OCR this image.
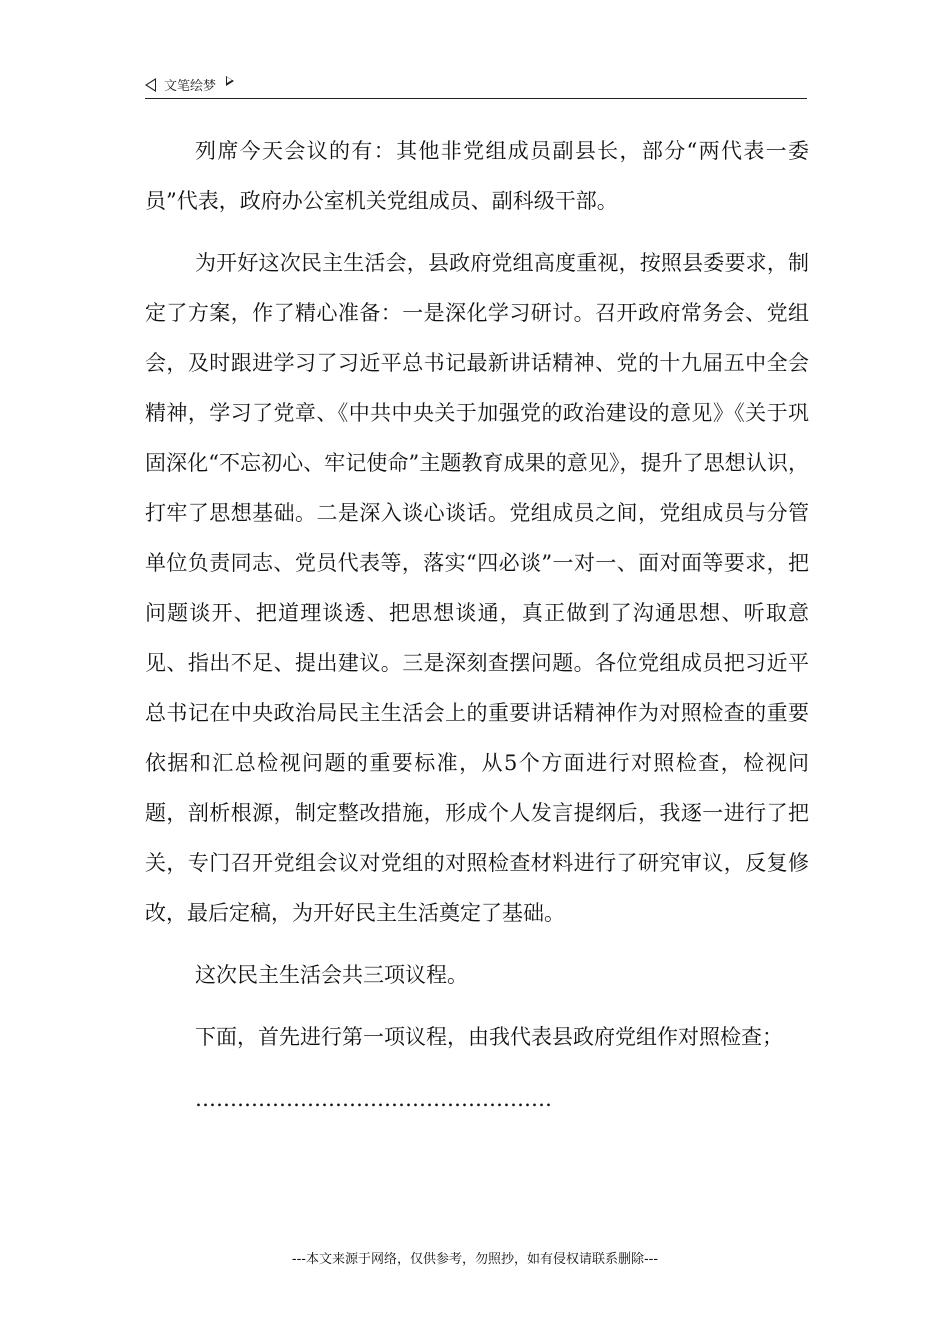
文笔绘梦

列席今天会议的有：其他非党组成员副县长，部分“两代表一委员”代表，政府办公室机关党组成员、副科级干部。

为开好这次民主生活会，县政府党组高度重视，按照县委要求，制定了方案，作了精心准备：一是深化学习研讨。召开政府常务会、党组会，及时跟进学习了习近平总书记最新讲话精神、党的十九届五中全会精神，学习了党章、《中共中央关于加强党的政治建设的意见》《关于巩固深化“不忘初心、牢记使命”主题教育成果的意见》，提升了思想认识，打牢了思想基础。二是深入谈心谈话。党组成员之间，党组成员与分管单位负责同志、党员代表等，落实“四必谈”一对一、面对面等要求，把问题谈开、把道理谈透、把思想谈通，真正做到了沟通思想、听取意见、指出不足、提出建议。三是深刻查摆问题。各位党组成员把习近平总书记在中央政治局民主生活会上的重要讲话精神作为对照检查的重要依据和汇总检视问题的重要标准，从5个方面进行对照检查，检视问题，剖析根源，制定整改措施，形成个人发言提纲后，我逐一进行了把关，专门召开党组会议对党组的对照检查材料进行了研究审议，反复修改，最后定稿，为开好民主生活奠定了基础。

这次民主生活会共三项议程。

下面，首先进行第一项议程，由我代表县政府党组作对照检查；

……………………………………………

---本文来源于网络，仅供参考，勿照抄，如有侵权请联系删除---
